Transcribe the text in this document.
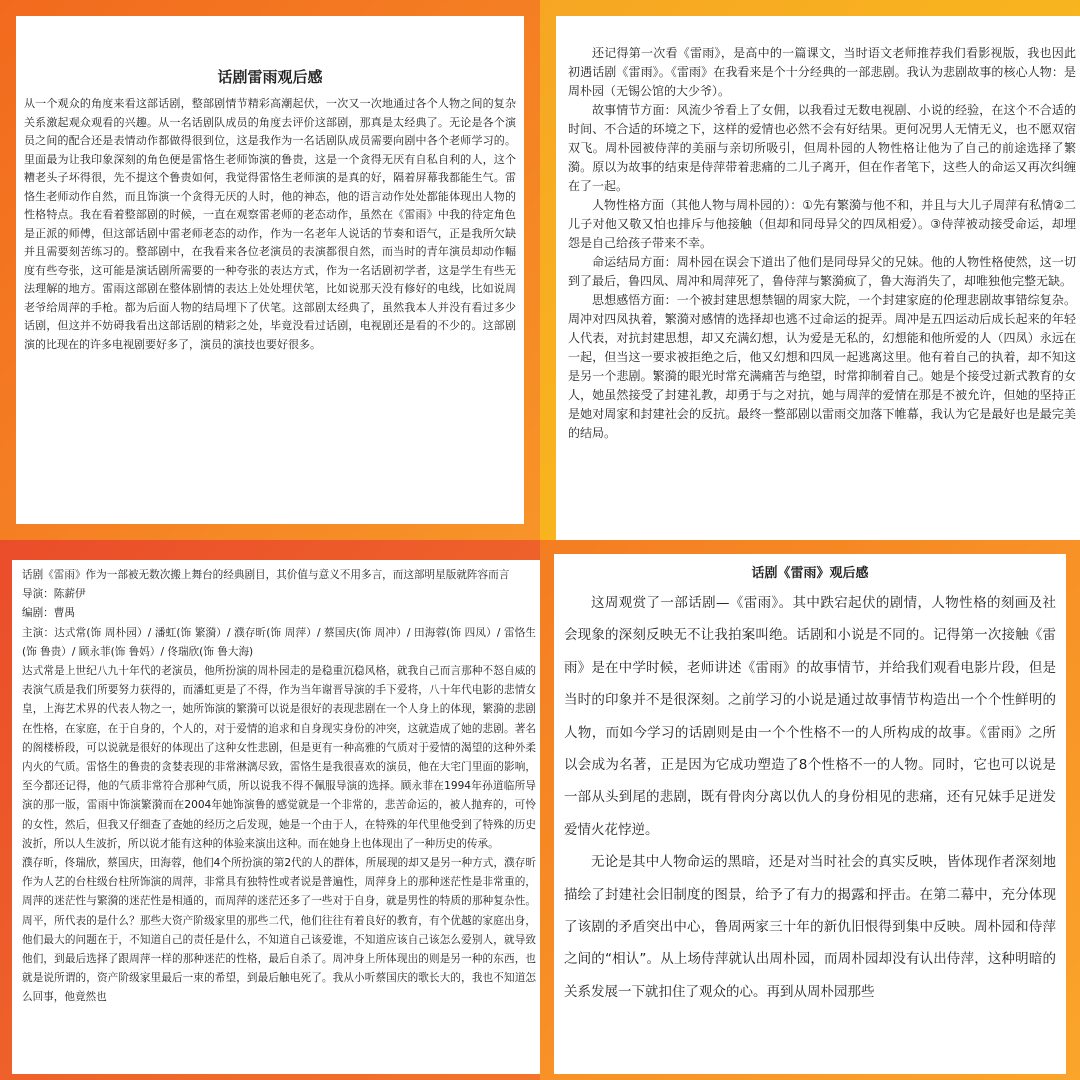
话剧雷雨观后感

从一个观众的角度来看这部话剧，整部剧情节精彩高潮起伏，一次又一次地通过各个人物之间的复杂关系激起观众观看的兴趣。从一名话剧队成员的角度去评价这部剧，那真是太经典了。无论是各个演员之间的配合还是表情动作都做得很到位，这是我作为一名话剧队成员需要向剧中各个老师学习的。里面最为让我印象深刻的角色便是雷恪生老师饰演的鲁贵，这是一个贪得无厌有自私自利的人，这个糟老头子坏得很，先不提这个鲁贵如何，我觉得雷恪生老师演的是真的好，隔着屏幕我都能生气。雷恪生老师动作自然，而且饰演一个贪得无厌的人时，他的神态，他的语言动作处处都能体现出人物的性格特点。我在看着整部剧的时候，一直在观察雷老师的老态动作，虽然在《雷雨》中我的待定角色是正派的师傅，但这部话剧中雷老师老态的动作，作为一名老年人说话的节奏和语气，正是我所欠缺并且需要刻苦练习的。整部剧中，在我看来各位老演员的表演都很自然，而当时的青年演员却动作幅度有些夸张，这可能是演话剧所需要的一种夸张的表达方式，作为一名话剧初学者，这是学生有些无法理解的地方。雷雨这部剧在整体剧情的表达上处处埋伏笔，比如说那天没有修好的电线，比如说周老爷给周萍的手枪。都为后面人物的结局埋下了伏笔。这部剧太经典了，虽然我本人并没有看过多少话剧，但这并不妨碍我看出这部话剧的精彩之处，毕竟没看过话剧，电视剧还是看的不少的。这部剧演的比现在的许多电视剧要好多了，演员的演技也要好很多。

还记得第一次看《雷雨》，是高中的一篇课文，当时语文老师推荐我们看影视版，我也因此初遇话剧《雷雨》。《雷雨》在我看来是个十分经典的一部悲剧。我认为悲剧故事的核心人物：是周朴园（无锡公馆的大少爷）。

故事情节方面：风流少爷看上了女佣，以我看过无数电视剧、小说的经验，在这个不合适的时间、不合适的环境之下，这样的爱情也必然不会有好结果。更何况男人无情无义，也不愿双宿双飞。周朴园被侍萍的美丽与亲切所吸引，但周朴园的人物性格让他为了自己的前途选择了繁漪。原以为故事的结束是侍萍带着悲痛的二儿子离开，但在作者笔下，这些人的命运又再次纠缠在了一起。

人物性格方面（其他人物与周朴园的）：①先有繁漪与他不和，并且与大儿子周萍有私情②二儿子对他又敬又怕也排斥与他接触（但却和同母异父的四凤相爱）。③侍萍被动接受命运，却埋怨是自己给孩子带来不幸。

命运结局方面：周朴园在误会下道出了他们是同母异父的兄妹。他的人物性格使然，这一切到了最后，鲁四凤、周冲和周萍死了，鲁侍萍与繁漪疯了，鲁大海消失了，却唯独他完整无缺。

思想感悟方面：一个被封建思想禁锢的周家大院，一个封建家庭的伦理悲剧故事错综复杂。周冲对四凤执着，繁漪对感情的选择却也逃不过命运的捉弄。周冲是五四运动后成长起来的年轻人代表，对抗封建思想，却又充满幻想，认为爱是无私的，幻想能和他所爱的人（四凤）永远在一起，但当这一要求被拒绝之后，他又幻想和四凤一起逃离这里。他有着自己的执着，却不知这是另一个悲剧。繁漪的眼光时常充满痛苦与绝望，时常抑制着自己。她是个接受过新式教育的女人，她虽然接受了封建礼教，却勇于与之对抗，她与周萍的爱情在那是不被允许，但她的坚持正是她对周家和封建社会的反抗。最终一整部剧以雷雨交加落下帷幕，我认为它是最好也是最完美的结局。

话剧《雷雨》作为一部被无数次搬上舞台的经典剧目，其价值与意义不用多言，而这部明星版就阵容而言

导演：陈薪伊

编剧：曹禺

主演：达式常(饰 周朴园）/ 潘虹(饰 繁漪）/ 濮存昕(饰 周萍）/ 蔡国庆(饰 周冲）/ 田海蓉(饰 四凤）/ 雷恪生(饰 鲁贵）/ 顾永菲(饰 鲁妈）/ 佟瑞欣(饰 鲁大海)

达式常是上世纪八九十年代的老演员，他所扮演的周朴园走的是稳重沉稳风格，就我自己而言那种不怒自威的表演气质是我们所要努力获得的，而潘虹更是了不得，作为当年谢晋导演的手下爱将，八十年代电影的悲情女皇，上海艺术界的代表人物之一，她所饰演的繁漪可以说是很好的表现悲剧在一个人身上的体现，繁漪的悲剧在性格，在家庭，在于自身的，个人的，对于爱情的追求和自身现实身份的冲突，这就造成了她的悲剧。著名的阁楼桥段，可以说就是很好的体现出了这种女性悲剧，但是更有一种高雅的气质对于爱情的渴望的这种外柔内火的气质。雷恪生的鲁贵的贪婪表现的非常淋漓尽致，雷恪生是我很喜欢的演员，他在大宅门里面的影响，至今都还记得，他的气质非常符合那种气质，所以说我不得不佩服导演的选择。顾永菲在1994年孙道临所导演的那一版，雷雨中饰演繁漪而在2004年她饰演鲁的感觉就是一个非常的，悲苦命运的，被人抛弃的，可怜的女性，然后，但我又仔细查了查她的经历之后发现，她是一个由于人，在特殊的年代里他受到了特殊的历史波折，所以人生波折，所以说才能有这种的体验来演出这种。而在她身上也体现出了一种历史的传承。

濮存昕，佟瑞欣，蔡国庆，田海蓉，他们4个所扮演的第2代的人的群体，所展现的却又是另一种方式，濮存昕作为人艺的台柱级台柱所饰演的周萍，非常具有独特性或者说是普遍性，周萍身上的那种迷茫性是非常重的，周萍的迷茫性与繁漪的迷茫性是相通的，而周萍的迷茫还多了一些对于自身，就是男性的特质的那种复杂性。周平，所代表的是什么？那些大资产阶级家里的那些二代，他们往往有着良好的教育，有个优越的家庭出身，他们最大的问题在于，不知道自己的责任是什么，不知道自己该爱谁，不知道应该自己该怎么爱别人，就导致他们，到最后选择了跟周萍一样的那种迷茫的性格，最后自杀了。周冲身上所体现出的则是另一种的东西，也就是说所谓的，资产阶级家里最后一束的希望，到最后触电死了。我从小听蔡国庆的歌长大的，我也不知道怎么回事，他竟然也

话剧《雷雨》观后感

这周观赏了一部话剧—《雷雨》。其中跌宕起伏的剧情，人物性格的刻画及社会现象的深刻反映无不让我拍案叫绝。话剧和小说是不同的。记得第一次接触《雷雨》是在中学时候，老师讲述《雷雨》的故事情节，并给我们观看电影片段，但是当时的印象并不是很深刻。之前学习的小说是通过故事情节构造出一个个性鲜明的人物，而如今学习的话剧则是由一个个性格不一的人所构成的故事。《雷雨》之所以会成为名著，正是因为它成功塑造了8个性格不一的人物。同时，它也可以说是一部从头到尾的悲剧，既有骨肉分离以仇人的身份相见的悲痛，还有兄妹手足迸发爱情火花悖逆。

无论是其中人物命运的黑暗，还是对当时社会的真实反映，皆体现作者深刻地描绘了封建社会旧制度的图景，给予了有力的揭露和抨击。在第二幕中，充分体现了该剧的矛盾突出中心，鲁周两家三十年的新仇旧恨得到集中反映。周朴园和侍萍之间的“相认”。从上场侍萍就认出周朴园，而周朴园却没有认出侍萍，这种明暗的关系发展一下就扣住了观众的心。再到从周朴园那些
